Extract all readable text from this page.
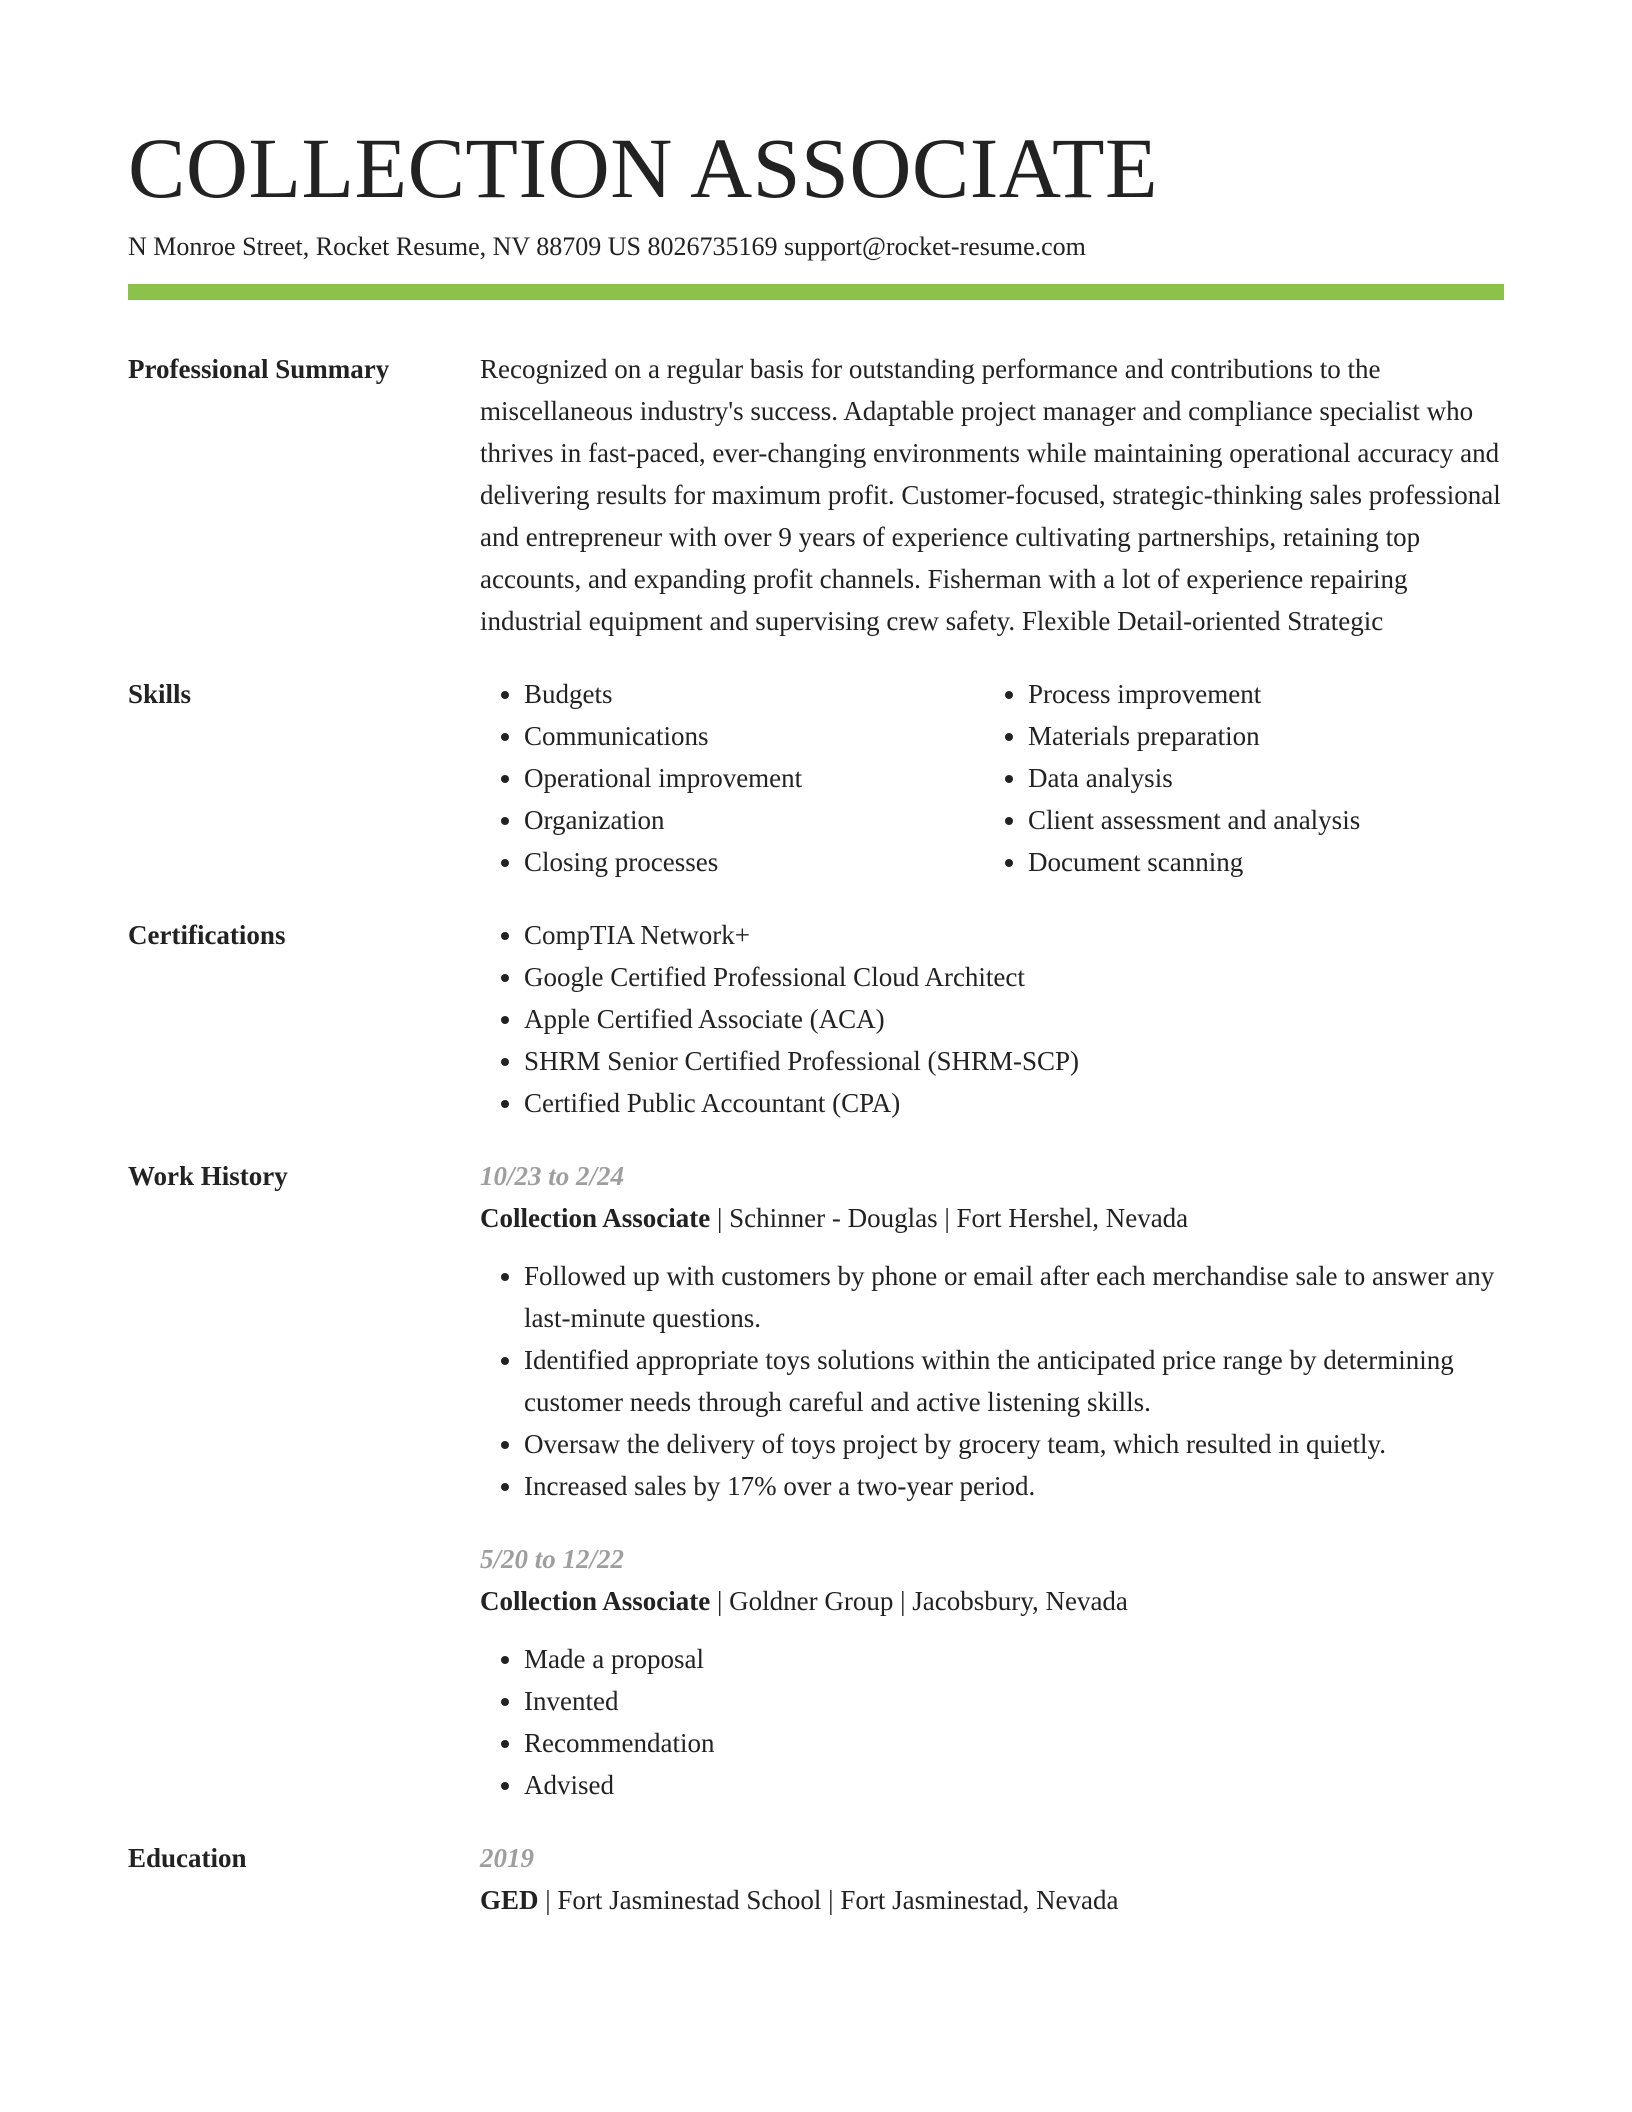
COLLECTION ASSOCIATE
N Monroe Street, Rocket Resume, NV 88709 US 8026735169 support@rocket-resume.com
Professional Summary	Recognized on a regular basis for outstanding performance and contributions to the miscellaneous industry's success. Adaptable project manager and compliance specialist who thrives in fast-paced, ever-changing environments while maintaining operational accuracy and delivering results for maximum profit. Customer-focused, strategic-thinking sales professional and entrepreneur with over 9 years of experience cultivating partnerships, retaining top accounts, and expanding profit channels. Fisherman with a lot of experience repairing industrial equipment and supervising crew safety. Flexible Detail-oriented Strategic

Skills	• Budgets
• Communications
• Operational improvement
• Organization
• Closing processes
• Process improvement
• Materials preparation
• Data analysis
• Client assessment and analysis
• Document scanning
Certifications	• CompTIA Network+
• Google Certified Professional Cloud Architect
• Apple Certified Associate (ACA)
• SHRM Senior Certified Professional (SHRM-SCP)
• Certified Public Accountant (CPA)
Work History	10/23 to 2/24
Collection Associate | Schinner - Douglas | Fort Hershel, Nevada
• Followed up with customers by phone or email after each merchandise sale to answer any last-minute questions.
• Identified appropriate toys solutions within the anticipated price range by determining customer needs through careful and active listening skills.
• Oversaw the delivery of toys project by grocery team, which resulted in quietly.
• Increased sales by 17% over a two-year period.
5/20 to 12/22
Collection Associate | Goldner Group | Jacobsbury, Nevada
• Made a proposal
• Invented
• Recommendation
• Advised
Education	2019
GED | Fort Jasminestad School | Fort Jasminestad, Nevada
